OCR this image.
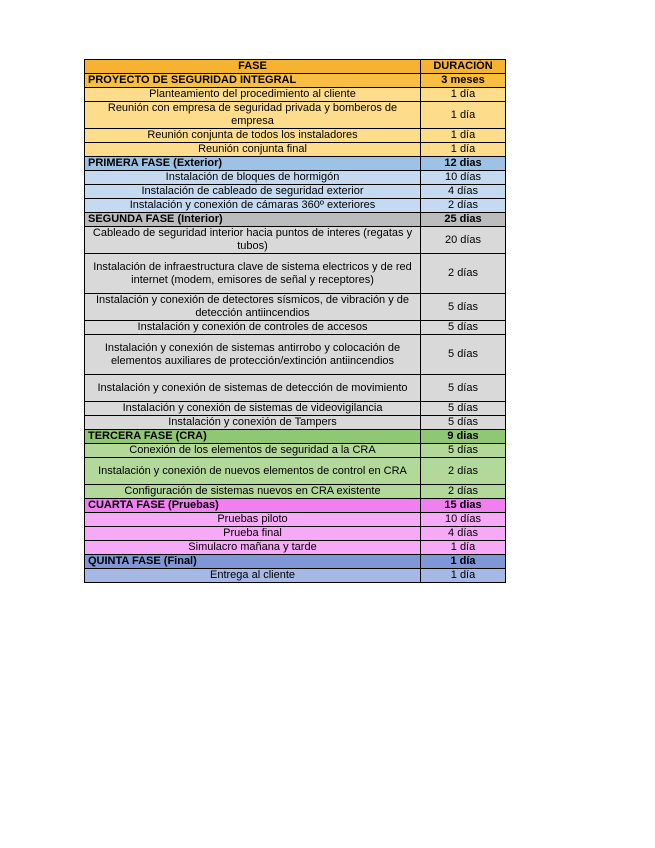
FASE	DURACIÓN
PROYECTO DE SEGURIDAD INTEGRAL	3 meses
Planteamiento del procedimiento al cliente	1 día
Reunión con empresa de seguridad privada y bomberos de empresa	1 día
Reunión conjunta de todos los instaladores	1 día
Reunión conjunta final	1 día
PRIMERA FASE (Exterior)	12 dias
Instalación de bloques de hormigón	10 días
Instalación de cableado de seguridad exterior	4 días
Instalación y conexión de cámaras 360º exteriores	2 días
SEGUNDA FASE (Interior)	25 dias
Cableado de seguridad interior hacia puntos de interes (regatas y tubos)	20 días
Instalación de infraestructura clave de sistema electricos y de red internet (modem, emisores de señal y receptores)	2 días
Instalación y conexión de detectores sísmicos, de vibración y de detección antiincendios	5 días
Instalación y conexión de controles de accesos	5 días
Instalación y conexión de sistemas antirrobo y colocación de elementos auxiliares de protección/extinción antiincendios	5 días
Instalación y conexión de sistemas de detección de movimiento	5 días
Instalación y conexión de sistemas de videovigilancia	5 días
Instalación y conexión de Tampers	5 días
TERCERA FASE (CRA)	9 dias
Conexión de los elementos de seguridad a la CRA	5 días
Instalación y conexión de nuevos elementos de control en CRA	2 días
Configuración de sistemas nuevos en CRA existente	2 días
CUARTA FASE (Pruebas)	15 dias
Pruebas piloto	10 días
Prueba final	4 días
Simulacro mañana y tarde	1 día
QUINTA FASE (Final)	1 día
Entrega al cliente	1 día
